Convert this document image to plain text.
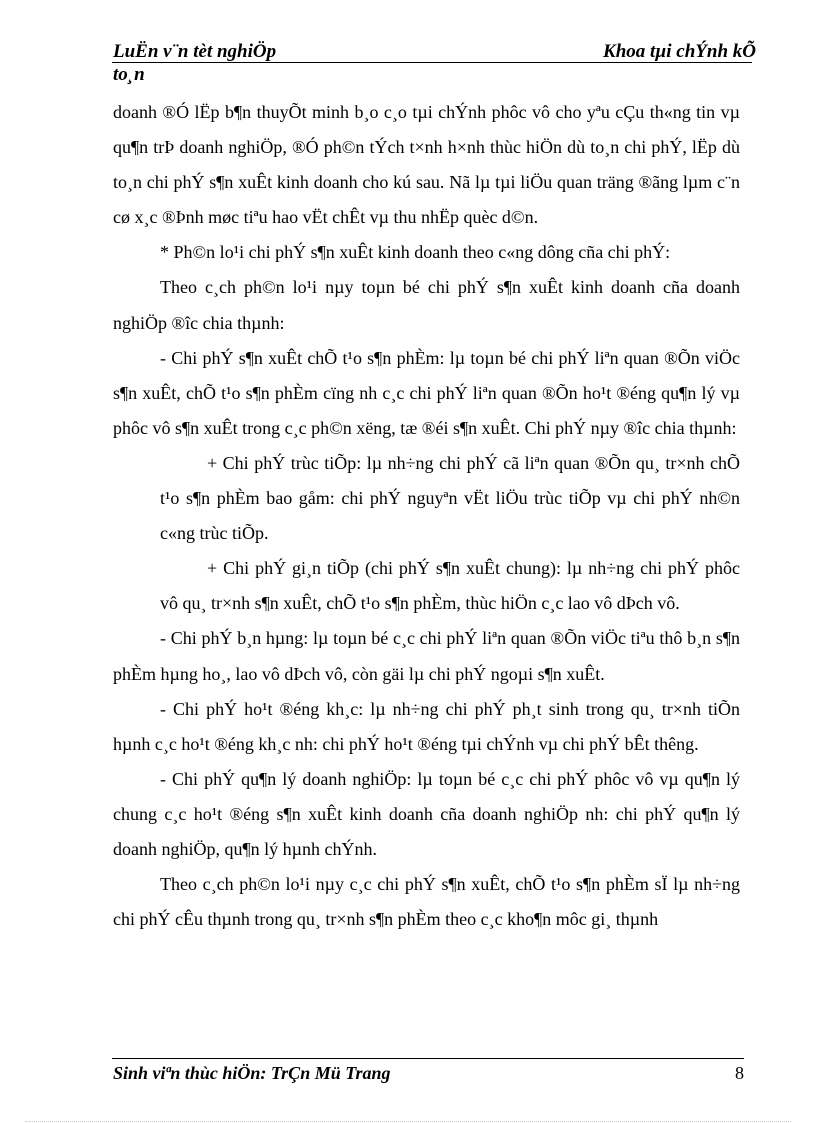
LuËn v¨n tèt nghiÖp	Khoa tµi chÝnh kÕ
to¸n

doanh ®Ó lËp b¶n thuyÕt minh b¸o c¸o tµi chÝnh phôc vô cho yªu cÇu th«ng tin vµ qu¶n trÞ doanh nghiÖp, ®Ó ph©n tÝch t×nh h×nh thùc hiÖn dù to¸n chi phÝ, lËp dù to¸n chi phÝ s¶n xuÊt kinh doanh cho kú sau. Nã lµ tµi liÖu quan träng ®ãng lµm c¨n cø x¸c ®Þnh møc tiªu hao vËt chÊt vµ thu nhËp quèc d©n.

* Ph©n lo¹i chi phÝ s¶n xuÊt kinh doanh theo c«ng dông cña chi phÝ:

Theo c¸ch ph©n lo¹i nµy toµn bé chi phÝ s¶n xuÊt kinh doanh cña doanh nghiÖp ®îc chia thµnh:

- Chi phÝ s¶n xuÊt chÕ t¹o s¶n phÈm: lµ toµn bé chi phÝ liªn quan ®Õn viÖc s¶n xuÊt, chÕ t¹o s¶n phÈm cïng nh c¸c chi phÝ liªn quan ®Õn ho¹t ®éng qu¶n lý vµ phôc vô s¶n xuÊt trong c¸c ph©n xëng, tæ ®éi s¶n xuÊt. Chi phÝ nµy ®îc chia thµnh:

+ Chi phÝ trùc tiÕp: lµ nh÷ng chi phÝ cã liªn quan ®Õn qu¸ tr×nh chÕ t¹o s¶n phÈm bao gåm: chi phÝ nguyªn vËt liÖu trùc tiÕp vµ chi phÝ nh©n c«ng trùc tiÕp.

+ Chi phÝ gi¸n tiÕp (chi phÝ s¶n xuÊt chung): lµ nh÷ng chi phÝ phôc vô qu¸ tr×nh s¶n xuÊt, chÕ t¹o s¶n phÈm, thùc hiÖn c¸c lao vô dÞch vô.

- Chi phÝ b¸n hµng: lµ toµn bé c¸c chi phÝ liªn quan ®Õn viÖc tiªu thô b¸n s¶n phÈm hµng ho¸, lao vô dÞch vô, còn gäi lµ chi phÝ ngoµi s¶n xuÊt.

- Chi phÝ ho¹t ®éng kh¸c: lµ nh÷ng chi phÝ ph¸t sinh trong qu¸ tr×nh tiÕn hµnh c¸c ho¹t ®éng kh¸c nh: chi phÝ ho¹t ®éng tµi chÝnh vµ chi phÝ bÊt thêng.

- Chi phÝ qu¶n lý doanh nghiÖp: lµ toµn bé c¸c chi phÝ phôc vô vµ qu¶n lý chung c¸c ho¹t ®éng s¶n xuÊt kinh doanh cña doanh nghiÖp nh: chi phÝ qu¶n lý doanh nghiÖp, qu¶n lý hµnh chÝnh.

Theo c¸ch ph©n lo¹i nµy c¸c chi phÝ s¶n xuÊt, chÕ t¹o s¶n phÈm sÏ lµ nh÷ng chi phÝ cÊu thµnh trong qu¸ tr×nh s¶n phÈm theo c¸c kho¶n môc gi¸ thµnh

Sinh viªn thùc hiÖn: TrÇn Mü Trang	8
